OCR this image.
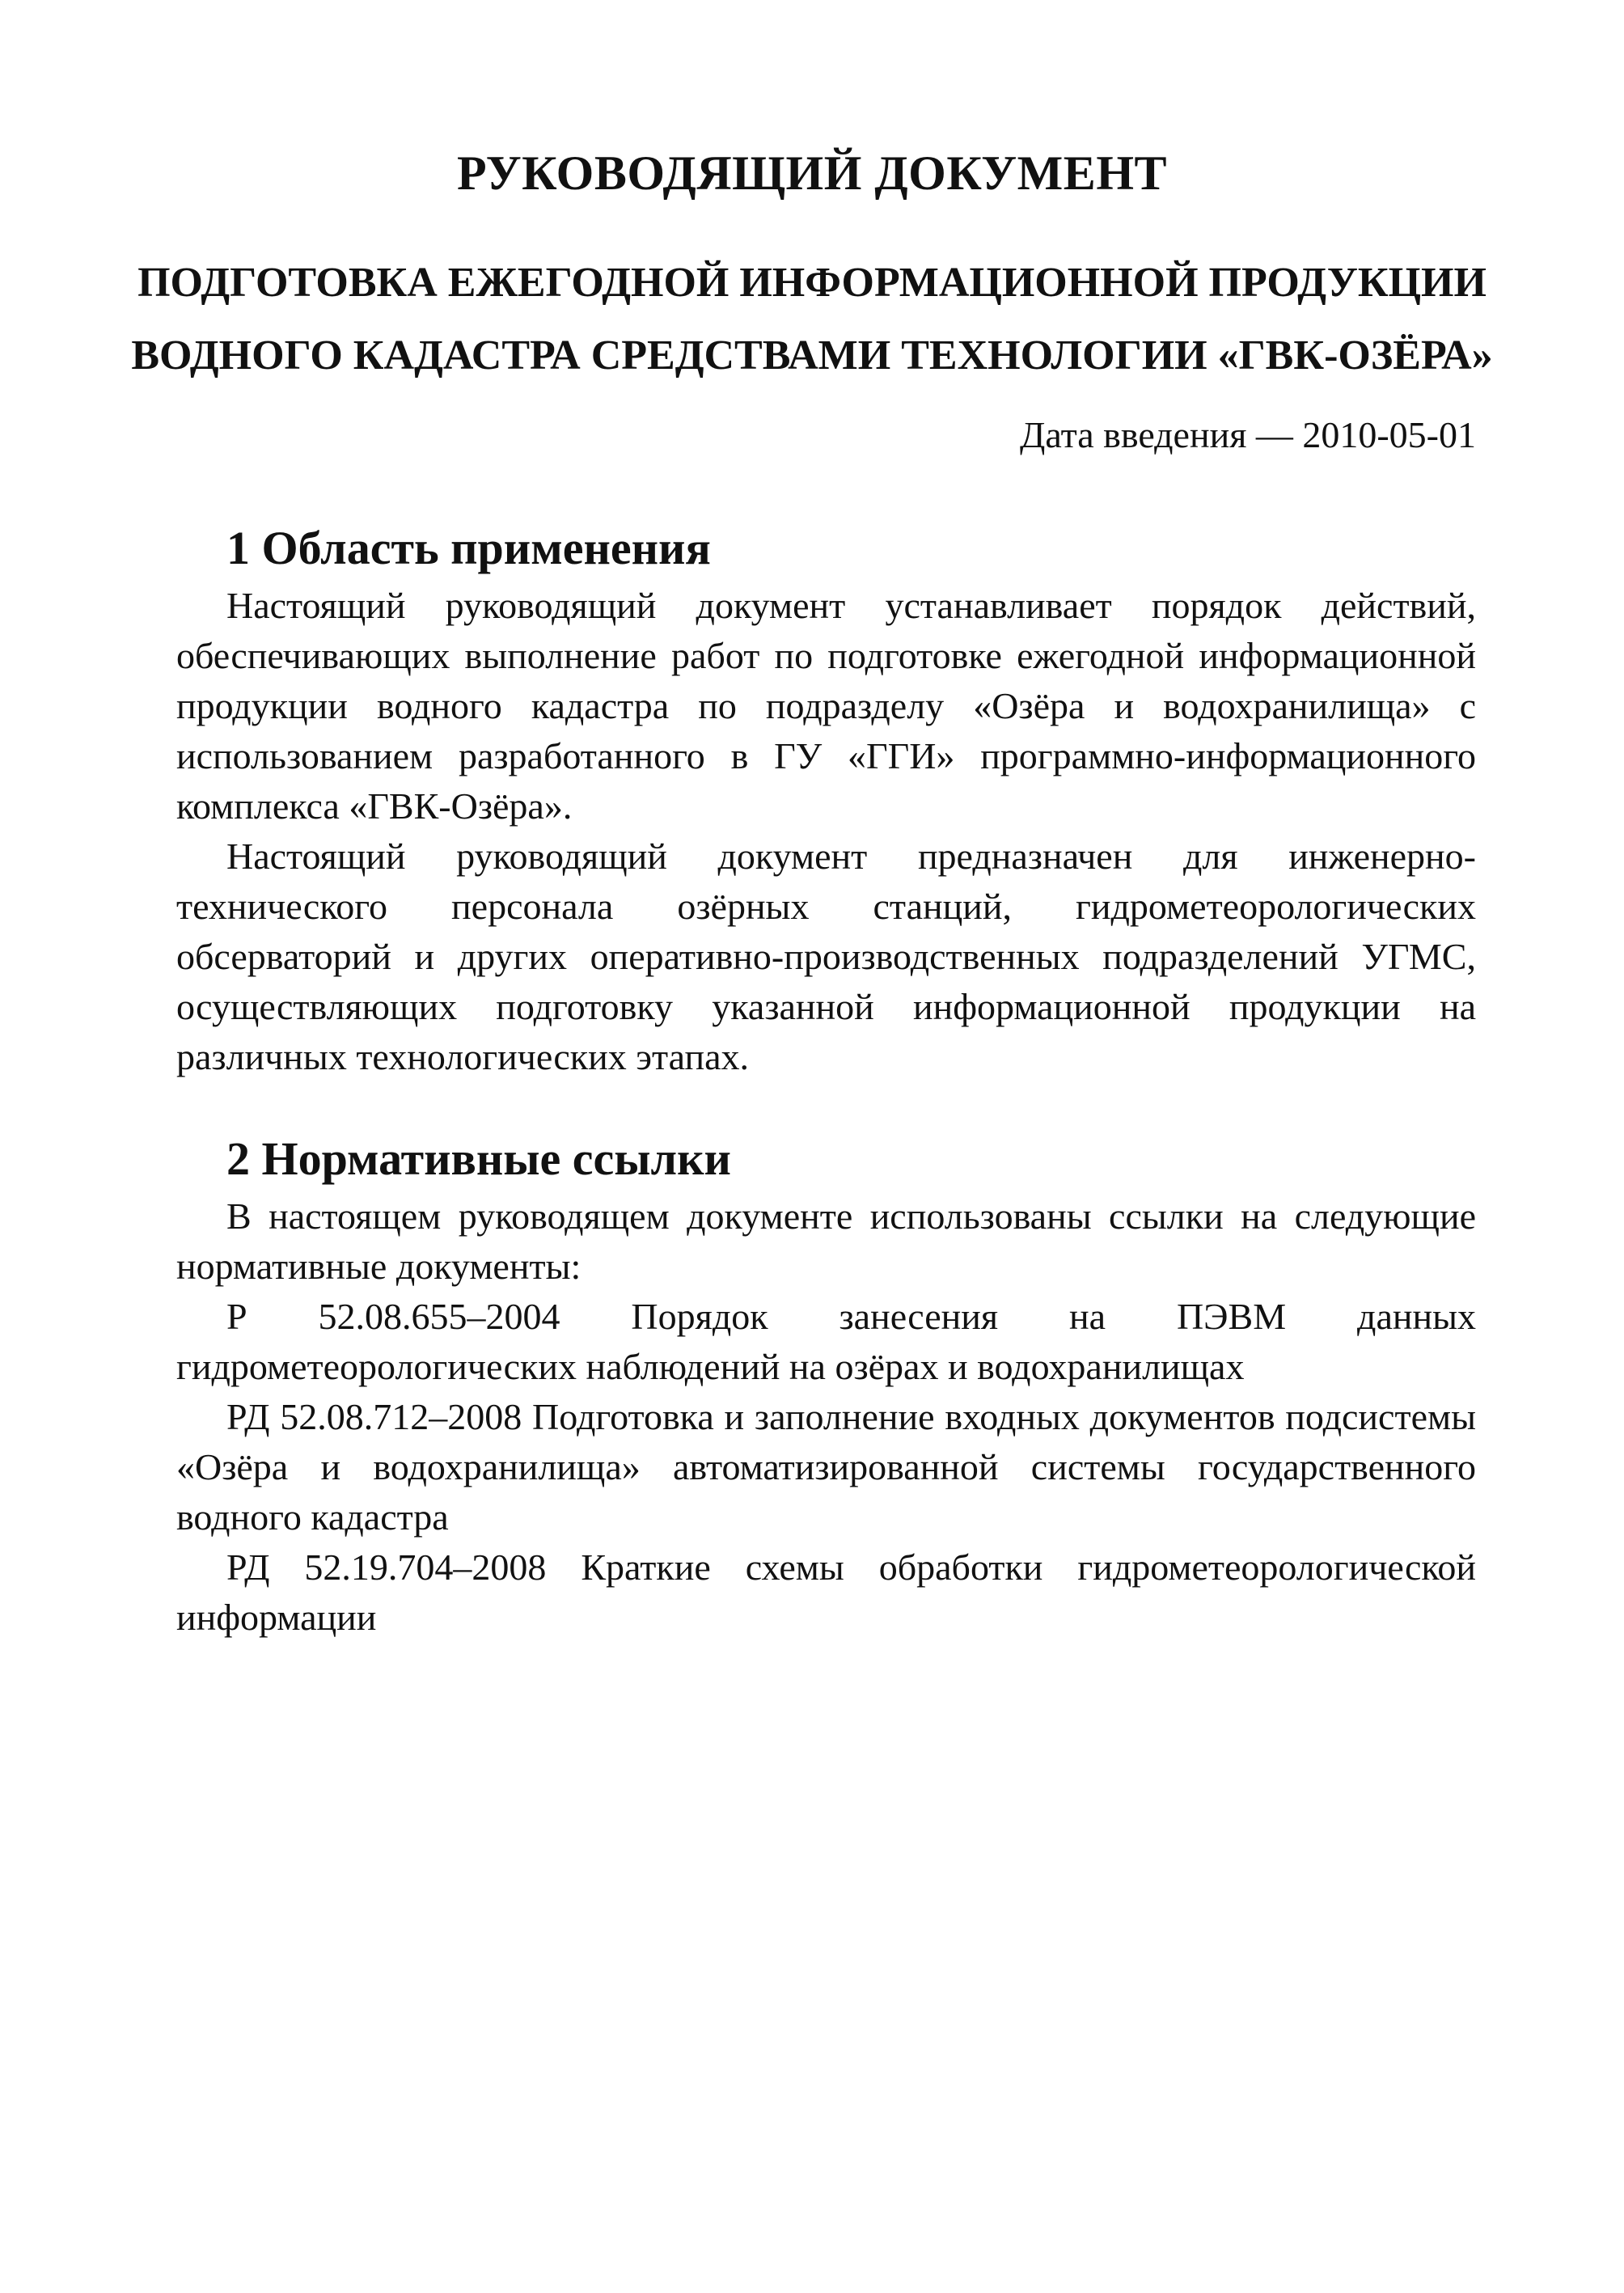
РУКОВОДЯЩИЙ ДОКУМЕНТ
ПОДГОТОВКА ЕЖЕГОДНОЙ ИНФОРМАЦИОННОЙ ПРОДУКЦИИ
ВОДНОГО КАДАСТРА СРЕДСТВАМИ ТЕХНОЛОГИИ «ГВК-ОЗЁРА»
Дата введения — 2010-05-01
1 Область применения

Настоящий руководящий документ устанавливает порядок действий, обеспечивающих выполнение работ по подготовке ежегодной информационной продукции водного кадастра по подразделу «Озёра и водохранилища» с использованием разработанного в ГУ «ГГИ» программно-информационного комплекса «ГВК-Озёра».

Настоящий руководящий документ предназначен для инженерно-технического персонала озёрных станций, гидрометеорологических обсерваторий и других оперативно-производственных подразделений УГМС, осуществляющих подготовку указанной информационной продукции на различных технологических этапах.

2 Нормативные ссылки

В настоящем руководящем документе использованы ссылки на следующие нормативные документы:

Р 52.08.655–2004 Порядок занесения на ПЭВМ данных гидрометеорологических наблюдений на озёрах и водохранилищах

РД 52.08.712–2008 Подготовка и заполнение входных документов подсистемы «Озёра и водохранилища» автоматизированной системы государственного водного кадастра

РД 52.19.704–2008 Краткие схемы обработки гидрометеорологической информации
